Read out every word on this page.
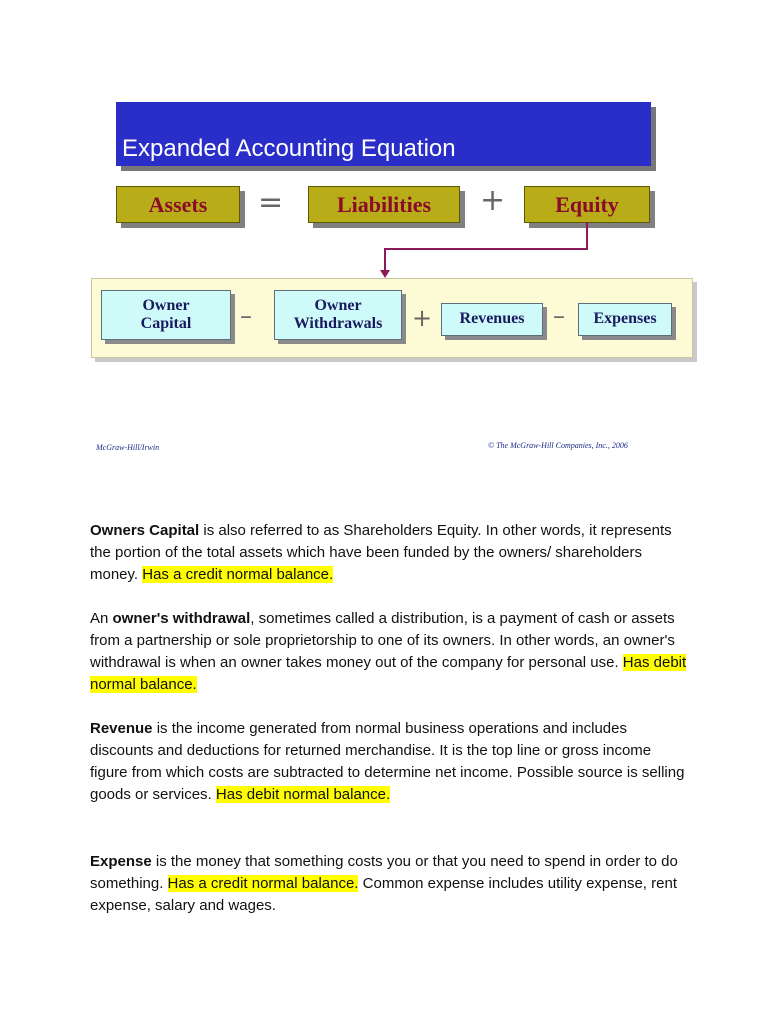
Expanded Accounting Equation
Assets = Liabilities + Equity
Owner
Capital –	Owner
Withdrawals + Revenues – Expenses
McGraw-Hill/Irwin	© The McGraw-Hill Companies, Inc., 2006
Owners Capital is also referred to as Shareholders Equity. In other words, it represents the portion of the total assets which have been funded by the owners/ shareholders money. Has a credit normal balance.
An owner's withdrawal, sometimes called a distribution, is a payment of cash or assets from a partnership or sole proprietorship to one of its owners. In other words, an owner's withdrawal is when an owner takes money out of the company for personal use. Has debit normal balance.
Revenue is the income generated from normal business operations and includes discounts and deductions for returned merchandise. It is the top line or gross income figure from which costs are subtracted to determine net income. Possible source is selling goods or services. Has debit normal balance.
Expense is the money that something costs you or that you need to spend in order to do something. Has a credit normal balance. Common expense includes utility expense, rent expense, salary and wages.
